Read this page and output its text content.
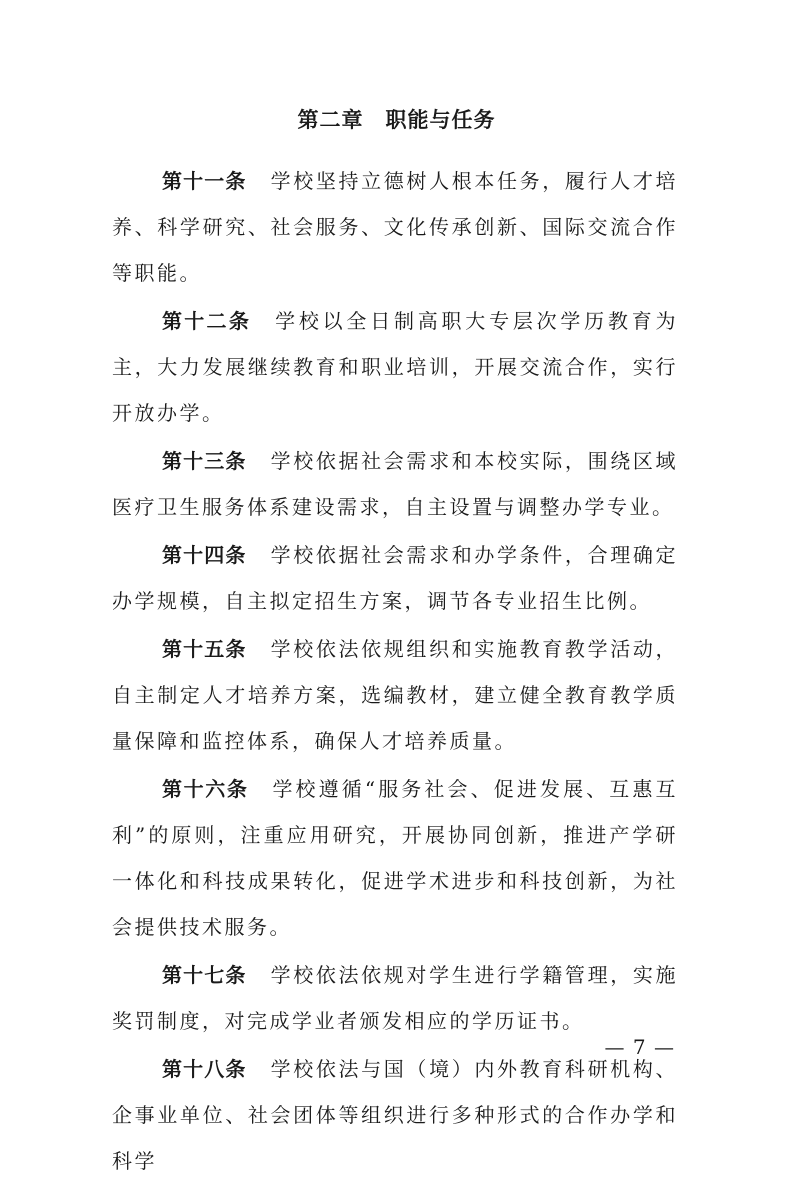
第二章 职能与任务

第十一条 学校坚持立德树人根本任务，履行人才培养、科学研究、社会服务、文化传承创新、国际交流合作等职能。

第十二条 学校以全日制高职大专层次学历教育为主，大力发展继续教育和职业培训，开展交流合作，实行开放办学。

第十三条 学校依据社会需求和本校实际，围绕区域医疗卫生服务体系建设需求，自主设置与调整办学专业。

第十四条 学校依据社会需求和办学条件，合理确定办学规模，自主拟定招生方案，调节各专业招生比例。

第十五条 学校依法依规组织和实施教育教学活动，自主制定人才培养方案，选编教材，建立健全教育教学质量保障和监控体系，确保人才培养质量。

第十六条 学校遵循“服务社会、促进发展、互惠互利”的原则，注重应用研究，开展协同创新，推进产学研一体化和科技成果转化，促进学术进步和科技创新，为社会提供技术服务。

第十七条 学校依法依规对学生进行学籍管理，实施奖罚制度，对完成学业者颁发相应的学历证书。

第十八条 学校依法与国（境）内外教育科研机构、企事业单位、社会团体等组织进行多种形式的合作办学和科学

— 7 —
